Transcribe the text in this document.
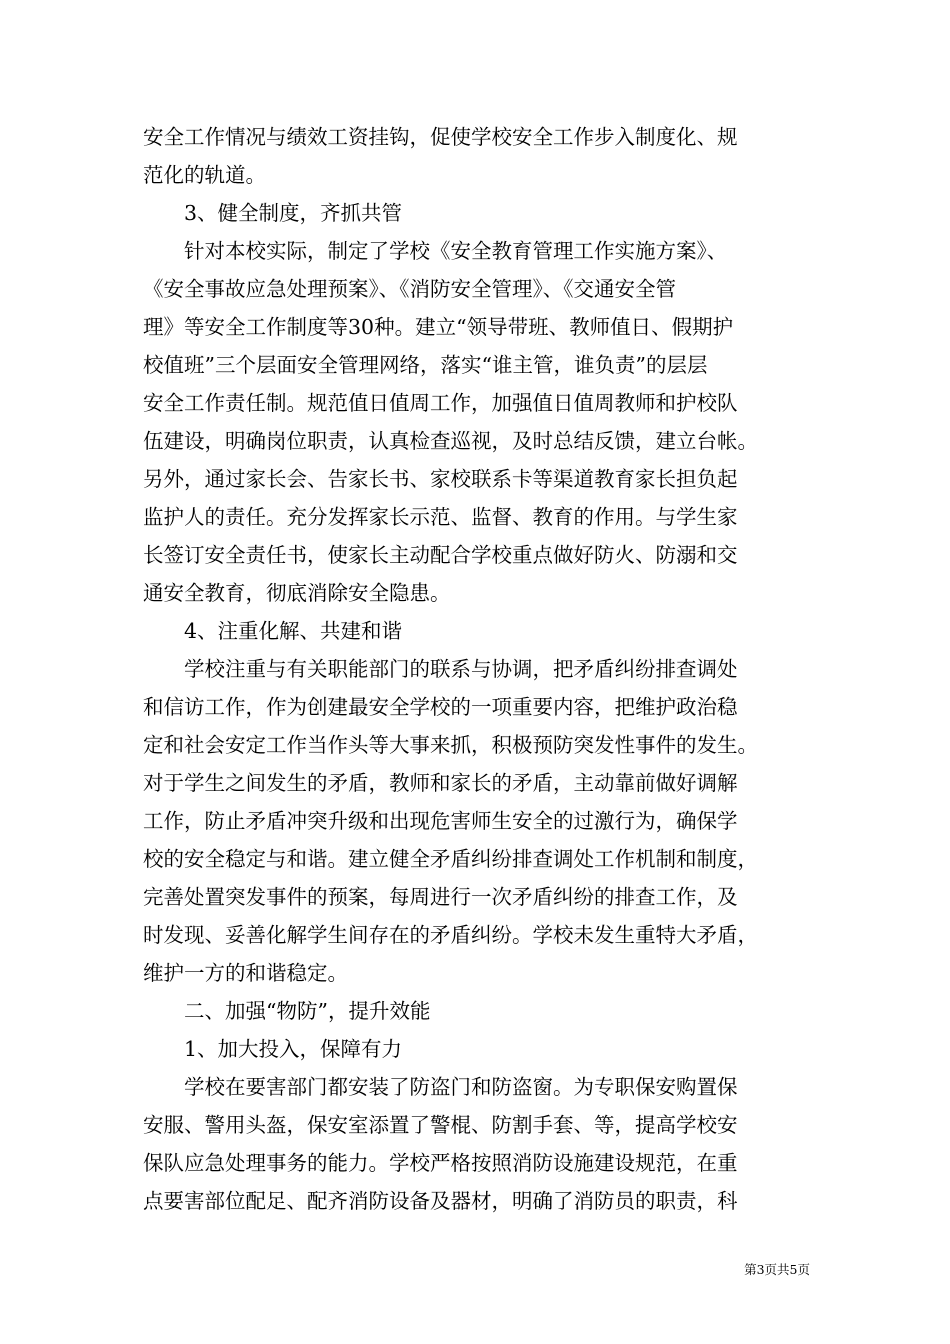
安全工作情况与绩效工资挂钩，促使学校安全工作步入制度化、规
范化的轨道。
3、健全制度，齐抓共管
针对本校实际，制定了学校《安全教育管理工作实施方案》、
《安全事故应急处理预案》、《消防安全管理》、《交通安全管
理》等安全工作制度等30种。建立“领导带班、教师值日、假期护
校值班”三个层面安全管理网络，落实“谁主管，谁负责”的层层
安全工作责任制。规范值日值周工作，加强值日值周教师和护校队
伍建设，明确岗位职责，认真检查巡视，及时总结反馈，建立台帐。
另外，通过家长会、告家长书、家校联系卡等渠道教育家长担负起
监护人的责任。充分发挥家长示范、监督、教育的作用。与学生家
长签订安全责任书，使家长主动配合学校重点做好防火、防溺和交
通安全教育，彻底消除安全隐患。
4、注重化解、共建和谐
学校注重与有关职能部门的联系与协调，把矛盾纠纷排查调处
和信访工作，作为创建最安全学校的一项重要内容，把维护政治稳
定和社会安定工作当作头等大事来抓，积极预防突发性事件的发生。
对于学生之间发生的矛盾，教师和家长的矛盾，主动靠前做好调解
工作，防止矛盾冲突升级和出现危害师生安全的过激行为，确保学
校的安全稳定与和谐。建立健全矛盾纠纷排查调处工作机制和制度，
完善处置突发事件的预案，每周进行一次矛盾纠纷的排查工作，及
时发现、妥善化解学生间存在的矛盾纠纷。学校未发生重特大矛盾，
维护一方的和谐稳定。
二、加强“物防”，提升效能
1、加大投入，保障有力
学校在要害部门都安装了防盗门和防盗窗。为专职保安购置保
安服、警用头盔，保安室添置了警棍、防割手套、等，提高学校安
保队应急处理事务的能力。学校严格按照消防设施建设规范，在重
点要害部位配足、配齐消防设备及器材，明确了消防员的职责，科
第3页共5页
